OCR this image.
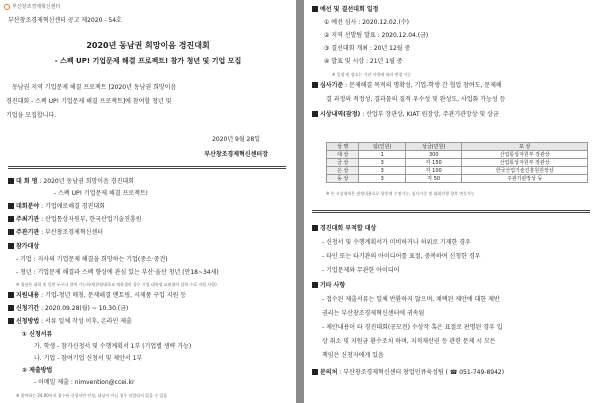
부산창조경제혁신센터
부산창조경제혁신센터 공고 제2020 - 54호
2020년 동남권 희망이음 경진대회
- 스펙 UP! 기업문제 해결 프로젝트! 참가 청년 및 기업 모집
동남권 지역 기업문제 해결 프로젝트 [2020년 동남권 희망이음
경진대회 - 스펙 UP! 기업문제 해결 프로젝트]에 참여할 청년 및
기업을 모집합니다.
2020년 9월 28일
부산창조경제혁신센터장
대 회 명 : 2020년 동남권 희망이음 경진대회
- 스펙 UP! 기업문제 해결 프로젝트!
대회분야 : 기업애로해결 경진대회
주최기관 : 산업통상자원부, 한국산업기술진흥원
주관기관 : 부산창조경제혁신센터
참가대상
- 기업 : 지사의 기업문제 해결을 희망하는 기업(중소·중견)
- 청년 : 기업문제 해결과 스펙 향상에 관심 있는 부산·울산 청년 (만18~34세)
※ 청년은 대학 및 일반 누구나 참여 가능하며(한양대학교 재학생의 경우 기업 대학생 교외협력 장학 수료 지원 사항)
지원내용 : 기업-청년 매칭, 문제해결 멘토링, 시제품 구입 지원 등
신청기간 : 2020.09.28(월) ~ 10.30.(금)
신청방법 : 서류 일체 작성 이후, 온라인 제출
① 신청서류
가. 학생 - 참가신청서 및 수행계획서 1부 (기업별 생략 가능)
나. 기업 - 참여기업 신청서 및 제안서 1부
② 제출방법
- 이메일 제출 : nimvention@ccei.kr
※ 참여하는 24.00까지 접수된 신청서만 인정, 대상이 아닐 경우 선발되지 않을 수 있음
예선 및 결선대회 일정
① 예선 심사 : 2020.12.02.(수)
② 지역 선발팀 발표 : 2020.12.04.(금)
③ 결선대회 개최 : 20년 12월 중
④ 발표 및 시상 : 21년 1월 중
※ 일정 및 장소는 기관 사정에 따라 변경 가능
심사기준 : 문제해결 목적의 명확성, 기업-학생 간 협업 참여도, 문제해
결 과정의 적정성, 결과물의 질적 우수성 및 완성도, 사업화 가능성 등
시상내역(잠정) : 산업부 장관상, KIAT 원장상, 주관기관장상 및 상금
상 명	팀(인원)	상금(만원)	포 상
대 상	1	300	산업통상자원부 장관상
금 상	3	각 150	산업통상자원부 장관상
은 상	3	각 100	한국산업기술진흥원원장상
동 상	3	각 50	주관기관장상 등
※ 본 시상내역은 잠정내용으로 향후에 수정가능, 심사기준 및 대회진행 향후 변동가능
경진대회 부적합 대상
- 신청서 및 수행계획서가 미비하거나 허위로 기재한 경우
- 타인 또는 타기관의 아이디어를 표절, 중복하여 신청한 경우
- 기업문제와 무관한 아이디어
기타 사항
- 접수된 제출서류는 일체 반환하지 않으며, 채택된 제안에 대한 제반
권리는 부산창조경제혁신센터에 귀속됨
- 제안내용이 타 경진대회(공모전) 수상작 혹은 표절로 판명된 경우 입
상 취소 및 지원금 환수조치 하며, 지적재산권 등 관련 문제 시 모든
책임은 신청자에게 있음
문의처 : 부산창조경제혁신센터 창업인큐육성팀 ( ☎ 051-749-8942)
